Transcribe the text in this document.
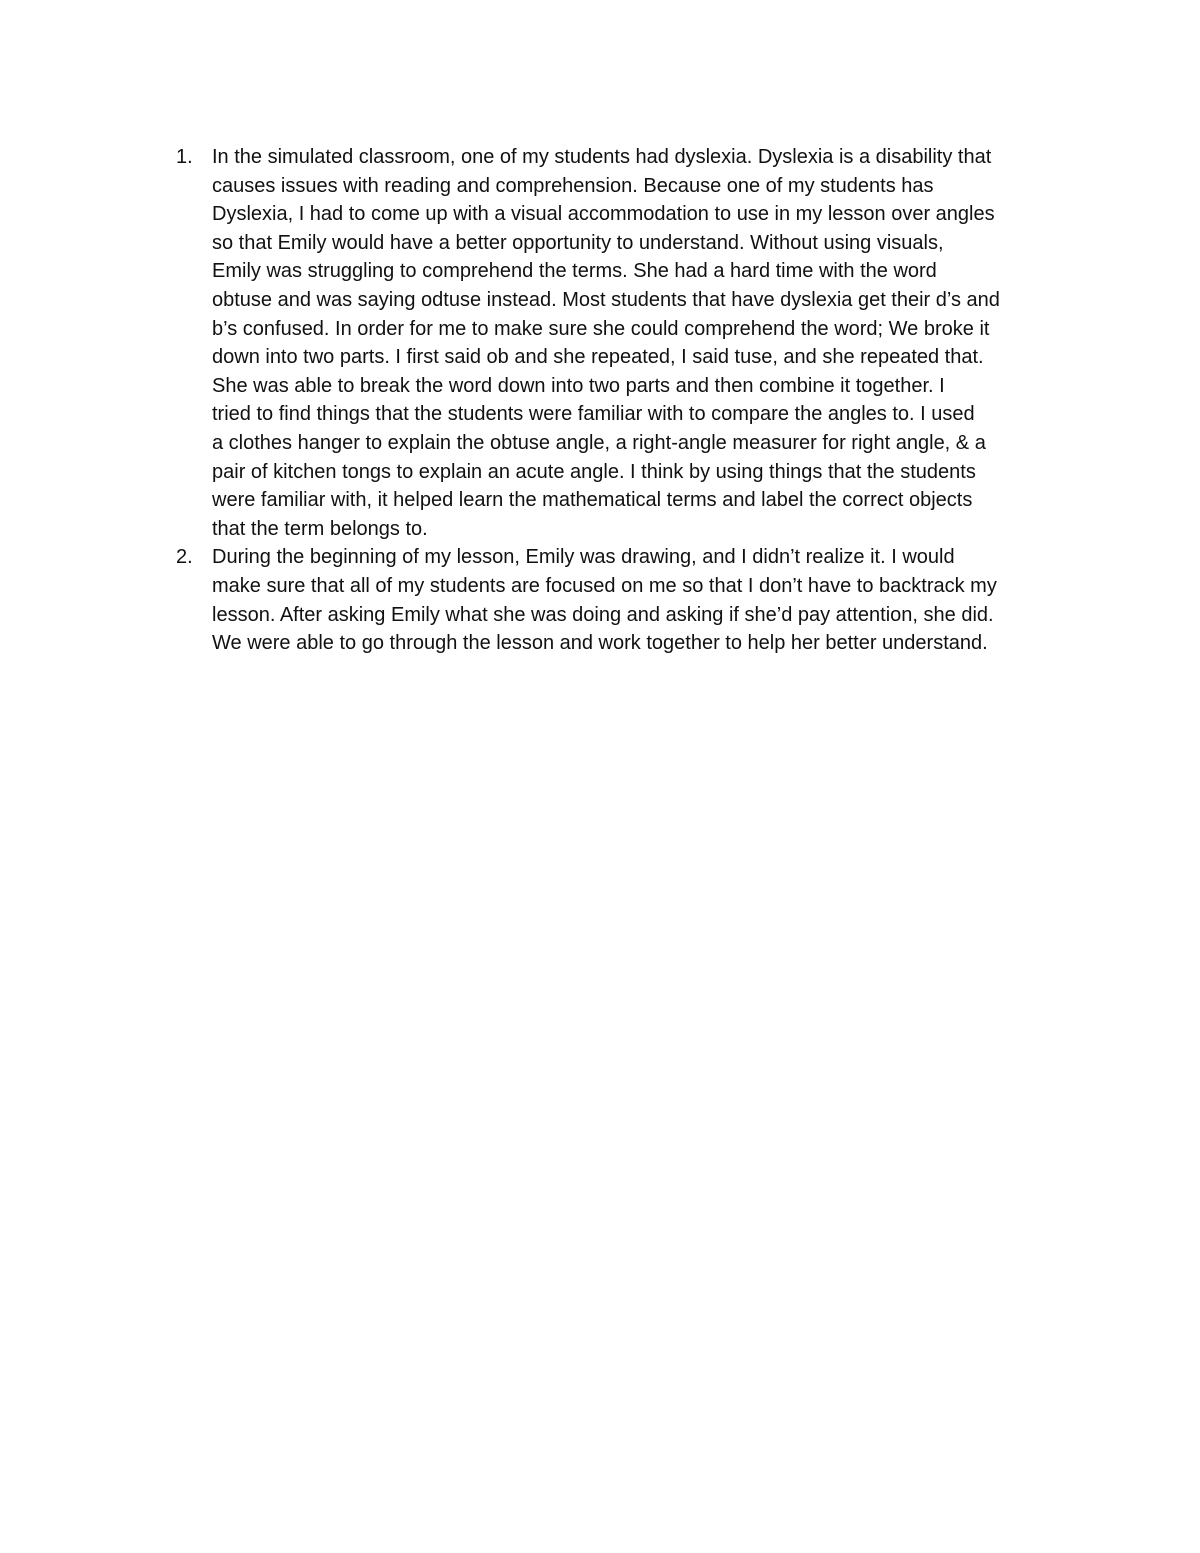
1. In the simulated classroom, one of my students had dyslexia. Dyslexia is a disability that
causes issues with reading and comprehension. Because one of my students has
Dyslexia, I had to come up with a visual accommodation to use in my lesson over angles
so that Emily would have a better opportunity to understand. Without using visuals,
Emily was struggling to comprehend the terms. She had a hard time with the word
obtuse and was saying odtuse instead. Most students that have dyslexia get their d’s and
b’s confused. In order for me to make sure she could comprehend the word; We broke it
down into two parts. I first said ob and she repeated, I said tuse, and she repeated that.
She was able to break the word down into two parts and then combine it together. I
tried to find things that the students were familiar with to compare the angles to. I used
a clothes hanger to explain the obtuse angle, a right-angle measurer for right angle, & a
pair of kitchen tongs to explain an acute angle. I think by using things that the students
were familiar with, it helped learn the mathematical terms and label the correct objects
that the term belongs to.
2. During the beginning of my lesson, Emily was drawing, and I didn’t realize it. I would
make sure that all of my students are focused on me so that I don’t have to backtrack my
lesson. After asking Emily what she was doing and asking if she’d pay attention, she did.
We were able to go through the lesson and work together to help her better understand.
